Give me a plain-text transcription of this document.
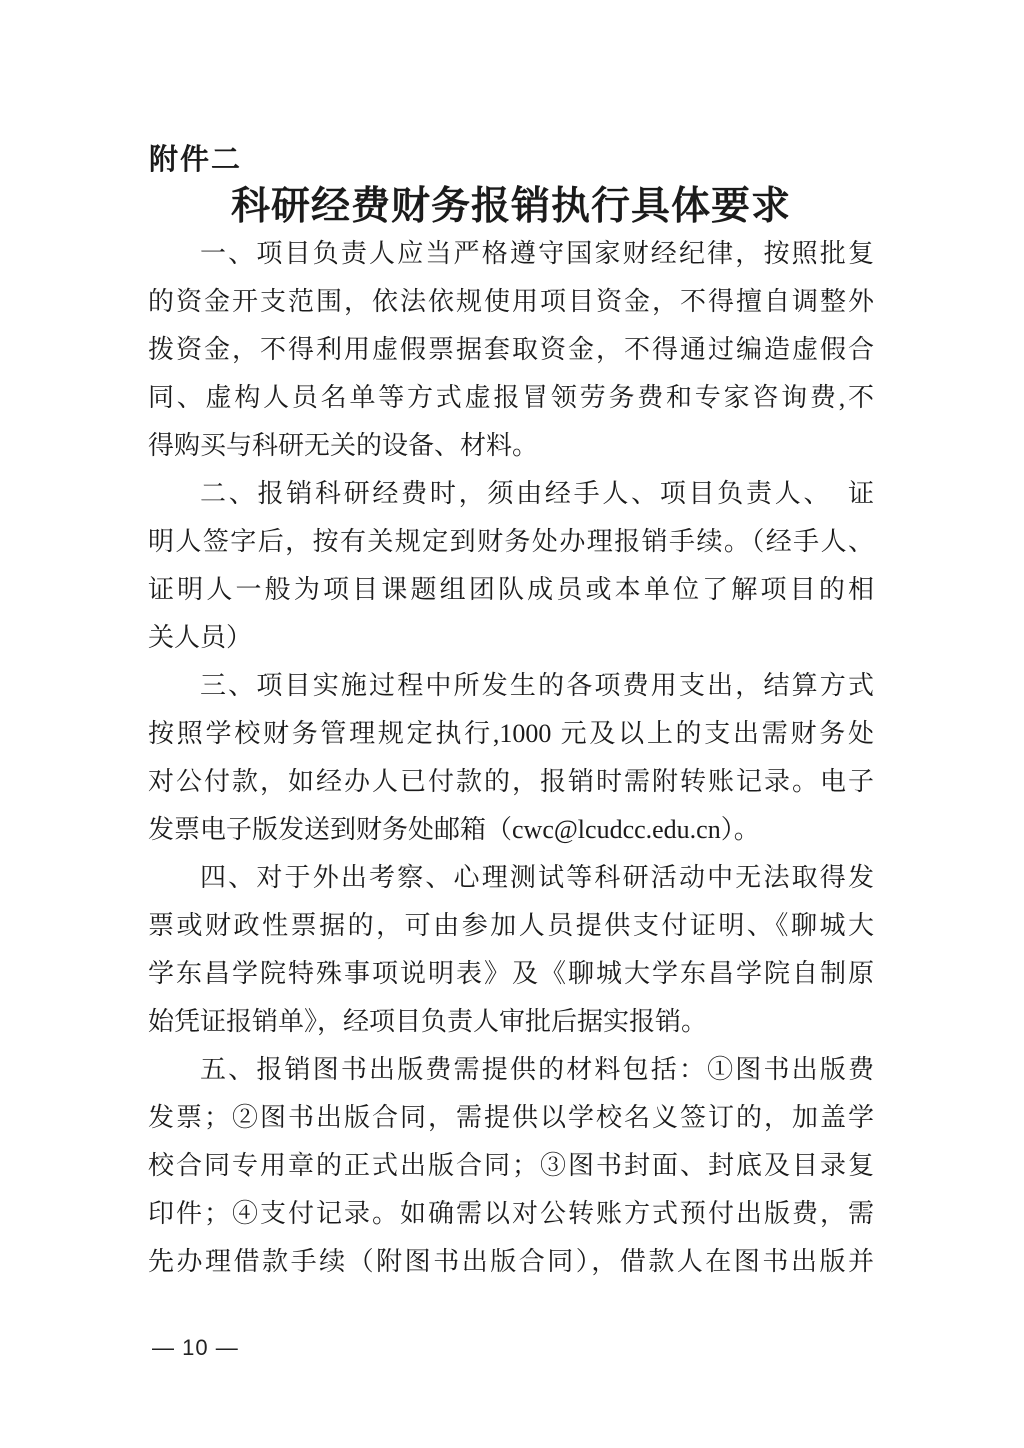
附件二
科研经费财务报销执行具体要求
一、项目负责人应当严格遵守国家财经纪律，按照批复
的资金开支范围，依法依规使用项目资金，不得擅自调整外
拨资金，不得利用虚假票据套取资金，不得通过编造虚假合
同、虚构人员名单等方式虚报冒领劳务费和专家咨询费,不
得购买与科研无关的设备、材料。
二、报销科研经费时，须由经手人、项目负责人、　证
明人签字后，按有关规定到财务处办理报销手续。（经手人、
证明人一般为项目课题组团队成员或本单位了解项目的相
关人员）
三、项目实施过程中所发生的各项费用支出，结算方式
按照学校财务管理规定执行,1000 元及以上的支出需财务处
对公付款，如经办人已付款的，报销时需附转账记录。电子
发票电子版发送到财务处邮箱（cwc@lcudcc.edu.cn）。
四、对于外出考察、心理测试等科研活动中无法取得发
票或财政性票据的，可由参加人员提供支付证明、《聊城大
学东昌学院特殊事项说明表》及《聊城大学东昌学院自制原
始凭证报销单》，经项目负责人审批后据实报销。
五、报销图书出版费需提供的材料包括：①图书出版费
发票；②图书出版合同，需提供以学校名义签订的，加盖学
校合同专用章的正式出版合同；③图书封面、封底及目录复
印件；④支付记录。如确需以对公转账方式预付出版费，需
先办理借款手续（附图书出版合同），借款人在图书出版并
— 10 —
